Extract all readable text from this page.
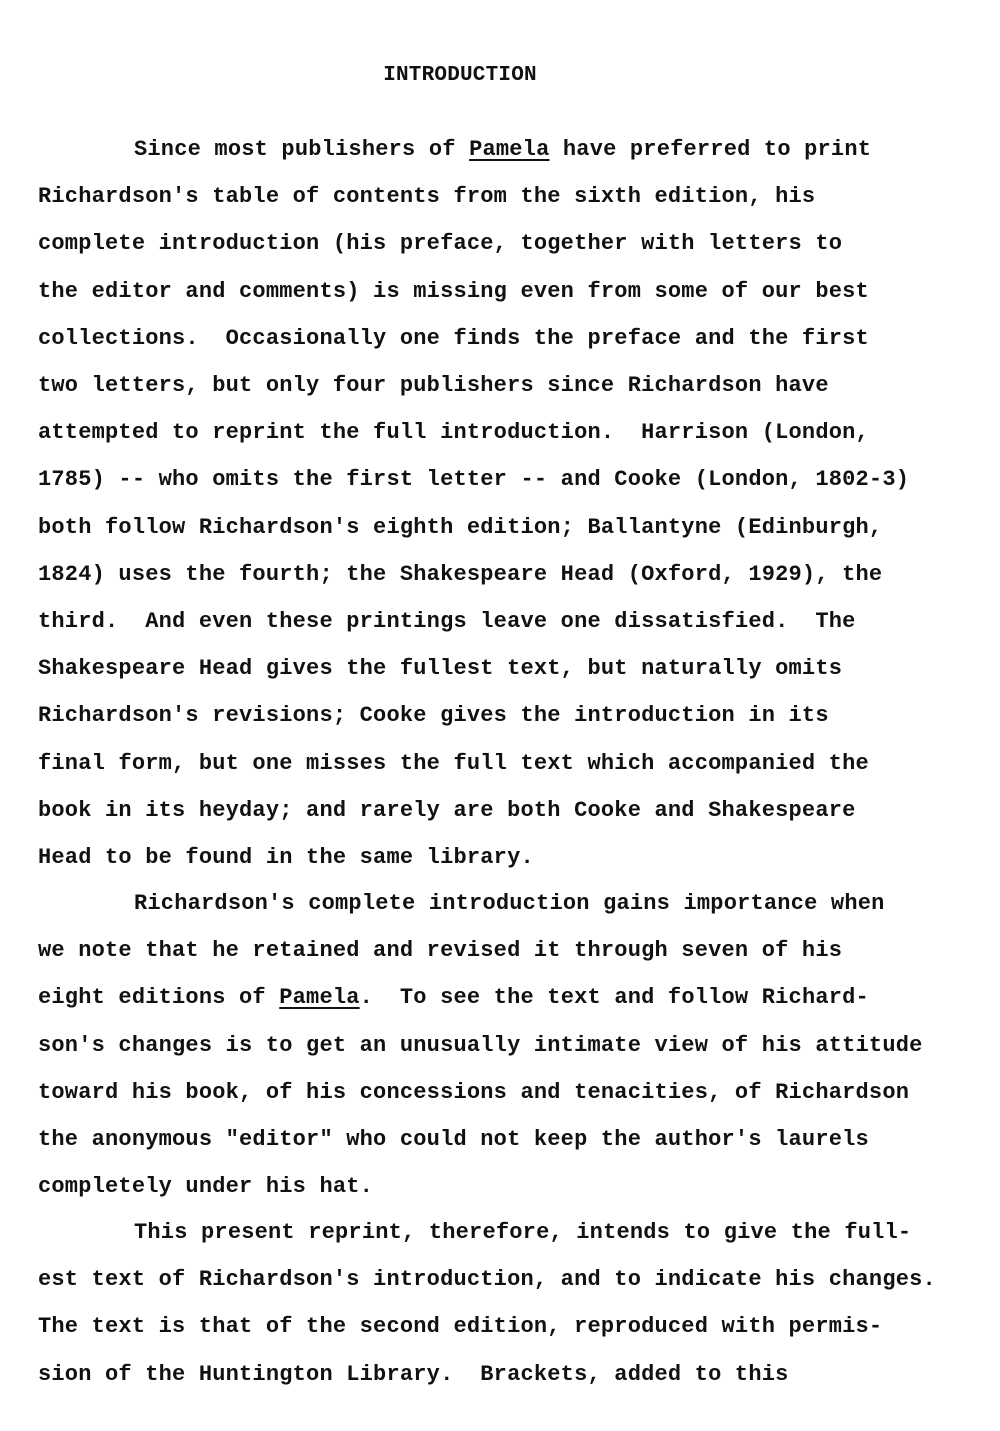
INTRODUCTION
Since most publishers of Pamela have preferred to print
Richardson's table of contents from the sixth edition, his
complete introduction (his preface, together with letters to
the editor and comments) is missing even from some of our best
collections.  Occasionally one finds the preface and the first
two letters, but only four publishers since Richardson have
attempted to reprint the full introduction.  Harrison (London,
1785) -- who omits the first letter -- and Cooke (London, 1802-3)
both follow Richardson's eighth edition; Ballantyne (Edinburgh,
1824) uses the fourth; the Shakespeare Head (Oxford, 1929), the
third.  And even these printings leave one dissatisfied.  The
Shakespeare Head gives the fullest text, but naturally omits
Richardson's revisions; Cooke gives the introduction in its
final form, but one misses the full text which accompanied the
book in its heyday; and rarely are both Cooke and Shakespeare
Head to be found in the same library.
Richardson's complete introduction gains importance when
we note that he retained and revised it through seven of his
eight editions of Pamela.  To see the text and follow Richard-
son's changes is to get an unusually intimate view of his attitude
toward his book, of his concessions and tenacities, of Richardson
the anonymous "editor" who could not keep the author's laurels
completely under his hat.
This present reprint, therefore, intends to give the full-
est text of Richardson's introduction, and to indicate his changes.
The text is that of the second edition, reproduced with permis-
sion of the Huntington Library.  Brackets, added to this
